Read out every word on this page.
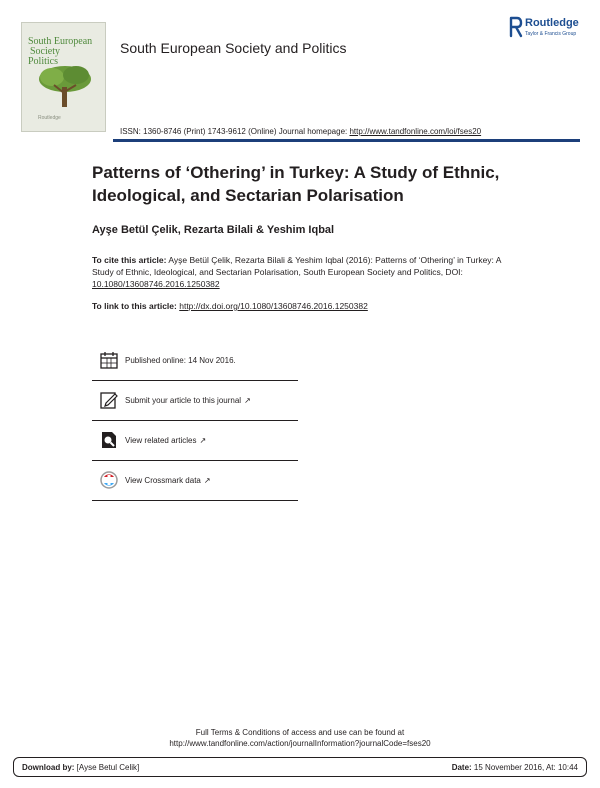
South European
Society
Politics
Routledge
South European Society and Politics
Routledge
Taylor & Francis Group
ISSN: 1360-8746 (Print) 1743-9612 (Online) Journal homepage: http://www.tandfonline.com/loi/fses20
Patterns of ‘Othering’ in Turkey: A Study of Ethnic, Ideological, and Sectarian Polarisation
Ayşe Betül Çelik, Rezarta Bilali & Yeshim Iqbal
To cite this article: Ayşe Betül Çelik, Rezarta Bilali & Yeshim Iqbal (2016): Patterns of ‘Othering’ in Turkey: A Study of Ethnic, Ideological, and Sectarian Polarisation, South European Society and Politics, DOI: 10.1080/13608746.2016.1250382
To link to this article: http://dx.doi.org/10.1080/13608746.2016.1250382
Published online: 14 Nov 2016.
Submit your article to this journal ↗
View related articles ↗
View Crossmark data ↗
Full Terms & Conditions of access and use can be found at
http://www.tandfonline.com/action/journalInformation?journalCode=fses20
Download by: [Ayse Betul Celik]	Date: 15 November 2016, At: 10:44
